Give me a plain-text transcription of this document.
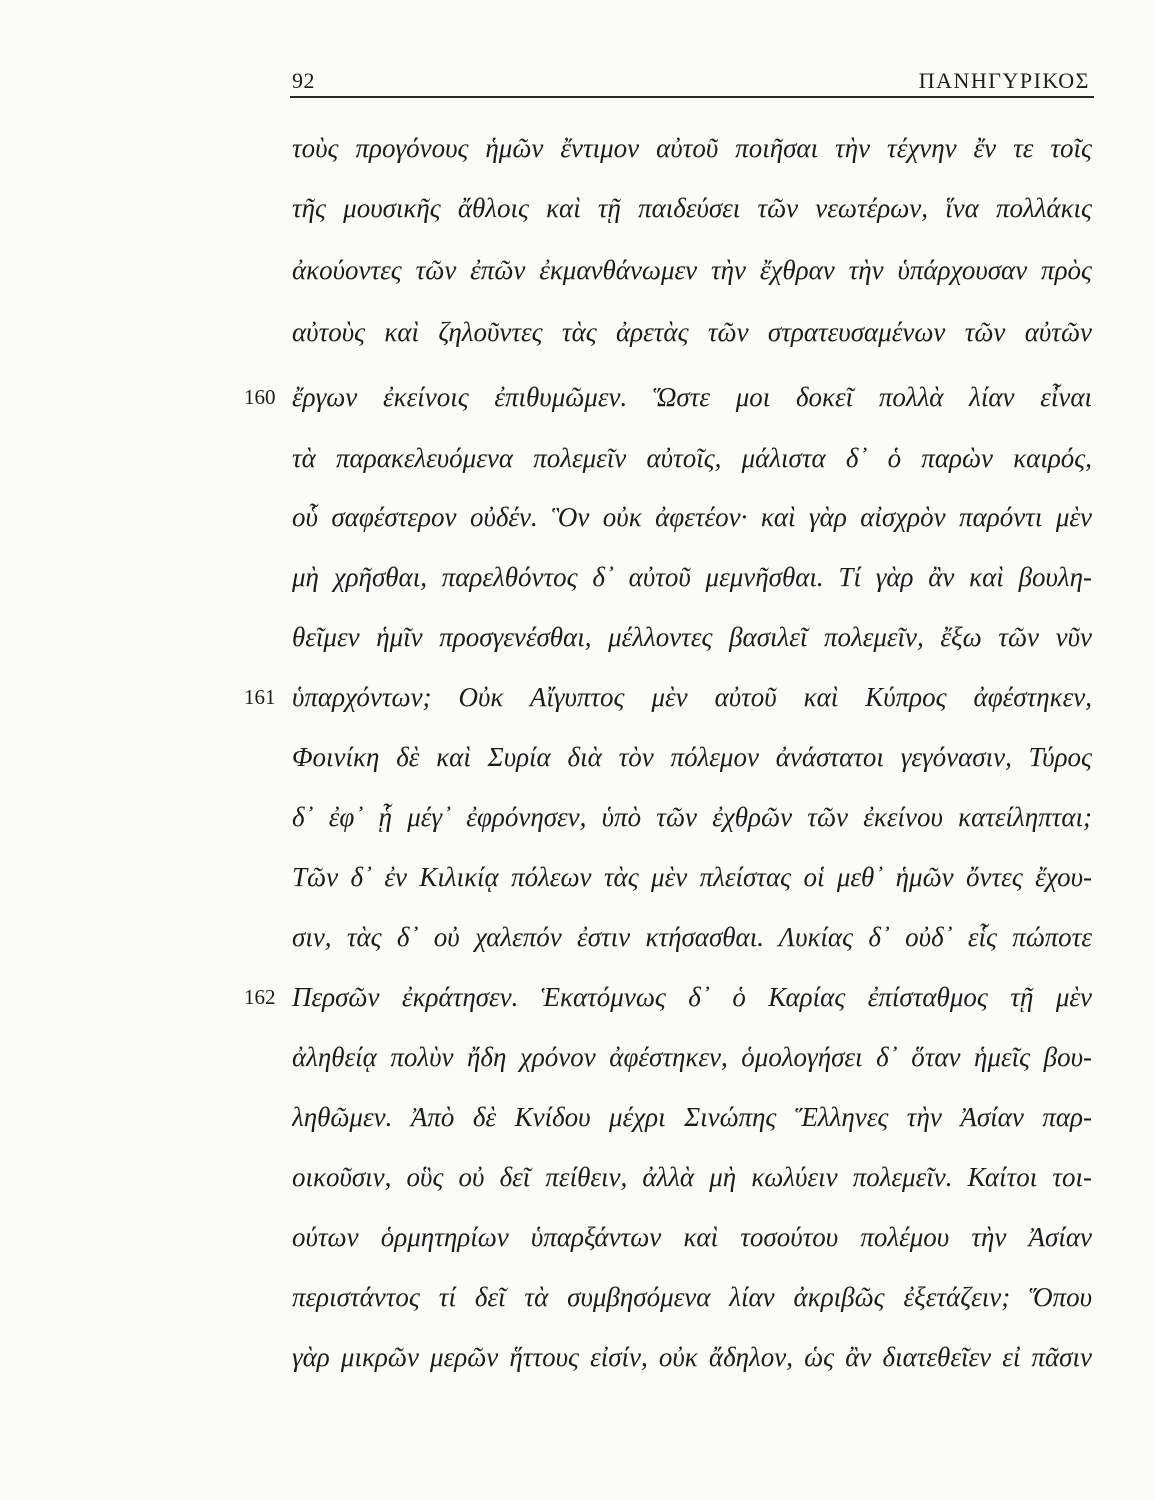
92	ΠΑΝΗΓΥΡΙΚΟΣ
160
161
162
τοὺς προγόνους ἡμῶν ἔντιμον αὐτοῦ ποιῆσαι τὴν τέχνην ἔν τε τοῖς
τῆς μουσικῆς ἄθλοις καὶ τῇ παιδεύσει τῶν νεωτέρων, ἵνα πολλάκις
ἀκούοντες τῶν ἐπῶν ἐκμανθάνωμεν τὴν ἔχθραν τὴν ὑπάρχουσαν πρὸς
αὐτοὺς καὶ ζηλοῦντες τὰς ἀρετὰς τῶν στρατευσαμένων τῶν αὐτῶν
ἔργων ἐκείνοις ἐπιθυμῶμεν. Ὥστε μοι δοκεῖ πολλὰ λίαν εἶναι
τὰ παρακελευόμενα πολεμεῖν αὐτοῖς, μάλιστα δ᾽ ὁ παρὼν καιρός,
οὗ σαφέστερον οὐδέν. Ὃν οὐκ ἀφετέον· καὶ γὰρ αἰσχρὸν παρόντι μὲν
μὴ χρῆσθαι, παρελθόντος δ᾽ αὐτοῦ μεμνῆσθαι. Τί γὰρ ἂν καὶ βουλη-
θεῖμεν ἡμῖν προσγενέσθαι, μέλλοντες βασιλεῖ πολεμεῖν, ἔξω τῶν νῦν
ὑπαρχόντων; Οὐκ Αἴγυπτος μὲν αὐτοῦ καὶ Κύπρος ἀφέστηκεν,
Φοινίκη δὲ καὶ Συρία διὰ τὸν πόλεμον ἀνάστατοι γεγόνασιν, Τύρος
δ᾽ ἐφ᾽ ᾗ μέγ᾽ ἐφρόνησεν, ὑπὸ τῶν ἐχθρῶν τῶν ἐκείνου κατείληπται;
Τῶν δ᾽ ἐν Κιλικίᾳ πόλεων τὰς μὲν πλείστας οἱ μεθ᾽ ἡμῶν ὄντες ἔχου-
σιν, τὰς δ᾽ οὐ χαλεπόν ἐστιν κτήσασθαι. Λυκίας δ᾽ οὐδ᾽ εἷς πώποτε
Περσῶν ἐκράτησεν. Ἑκατόμνως δ᾽ ὁ Καρίας ἐπίσταθμος τῇ μὲν
ἀληθείᾳ πολὺν ἤδη χρόνον ἀφέστηκεν, ὁμολογήσει δ᾽ ὅταν ἡμεῖς βου-
ληθῶμεν. Ἀπὸ δὲ Κνίδου μέχρι Σινώπης Ἕλληνες τὴν Ἀσίαν παρ-
οικοῦσιν, οὓς οὐ δεῖ πείθειν, ἀλλὰ μὴ κωλύειν πολεμεῖν. Καίτοι τοι-
ούτων ὁρμητηρίων ὑπαρξάντων καὶ τοσούτου πολέμου τὴν Ἀσίαν
περιστάντος τί δεῖ τὰ συμβησόμενα λίαν ἀκριβῶς ἐξετάζειν; Ὅπου
γὰρ μικρῶν μερῶν ἥττους εἰσίν, οὐκ ἄδηλον, ὡς ἂν διατεθεῖεν εἰ πᾶσιν
